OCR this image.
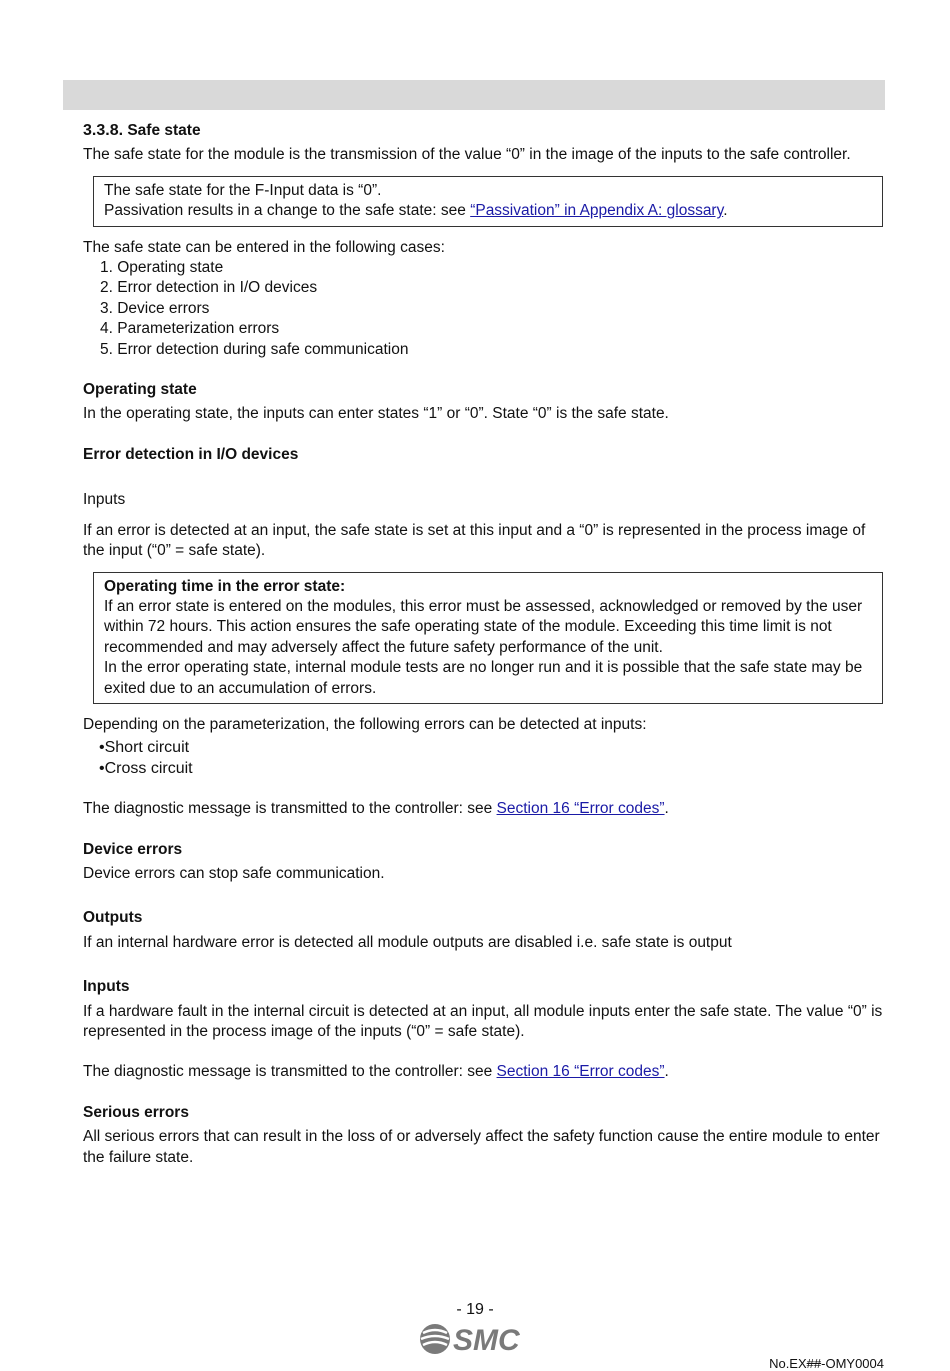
3.3.8. Safe state

The safe state for the module is the transmission of the value “0” in the image of the inputs to the safe controller.

The safe state for the F-Input data is “0”.

Passivation results in a change to the safe state: see “Passivation” in Appendix A: glossary.

The safe state can be entered in the following cases:

1. Operating state
2. Error detection in I/O devices
3. Device errors
4. Parameterization errors
5. Error detection during safe communication

Operating state

In the operating state, the inputs can enter states “1” or “0”. State “0” is the safe state.

Error detection in I/O devices

Inputs

If an error is detected at an input, the safe state is set at this input and a “0” is represented in the process image of the input (“0” = safe state).

Operating time in the error state:

If an error state is entered on the modules, this error must be assessed, acknowledged or removed by the user within 72 hours. This action ensures the safe operating state of the module. Exceeding this time limit is not recommended and may adversely affect the future safety performance of the unit.

In the error operating state, internal module tests are no longer run and it is possible that the safe state may be exited due to an accumulation of errors.

Depending on the parameterization, the following errors can be detected at inputs:

•Short circuit
•Cross circuit

The diagnostic message is transmitted to the controller: see Section 16 “Error codes”.

Device errors

Device errors can stop safe communication.

Outputs

If an internal hardware error is detected all module outputs are disabled i.e. safe state is output

Inputs

If a hardware fault in the internal circuit is detected at an input, all module inputs enter the safe state. The value “0” is represented in the process image of the inputs (“0” = safe state).

The diagnostic message is transmitted to the controller: see Section 16 “Error codes”.

Serious errors

All serious errors that can result in the loss of or adversely affect the safety function cause the entire module to enter the failure state.

- 19 -
SMC
No.EX##-OMY0004
